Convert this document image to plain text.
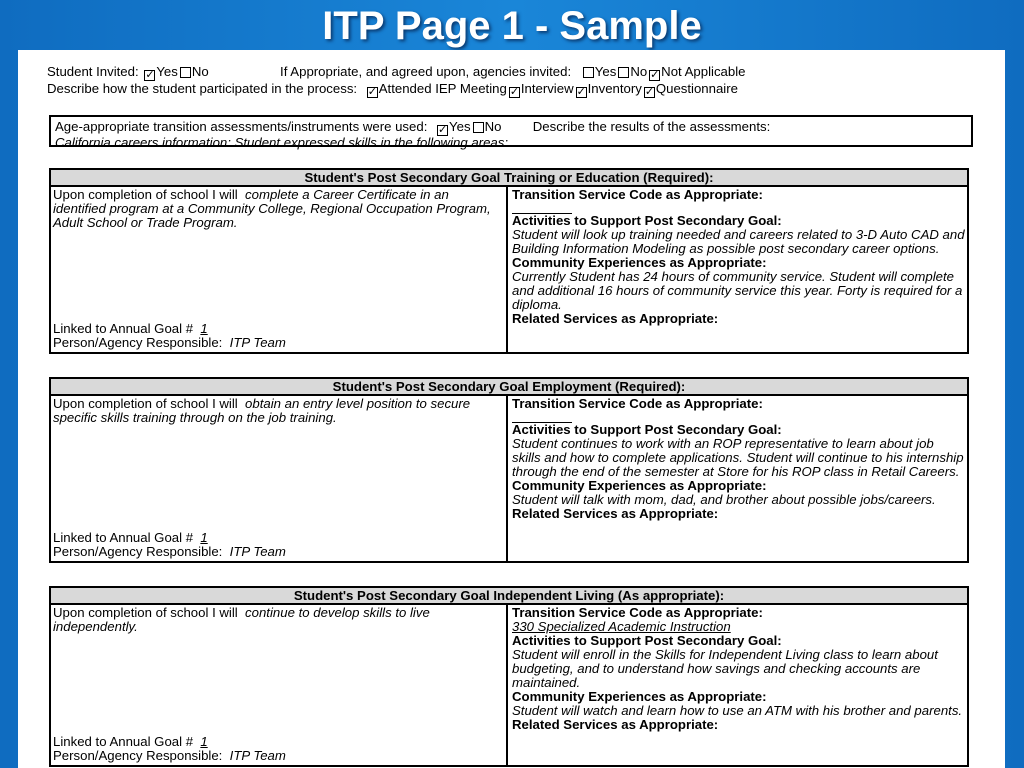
ITP Page 1 - Sample
Student Invited: ✓ Yes No	If Appropriate, and agreed upon, agencies invited: Yes No ✓ Not Applicable
Describe how the student participated in the process: ✓ Attended IEP Meeting ✓ Interview ✓ Inventory ✓ Questionnaire
Age-appropriate transition assessments/instruments were used: ✓ Yes No Describe the results of the assessments:
California careers information: Student expressed skills in the following areas:
Student's Post Secondary Goal Training or Education (Required):
Upon completion of school I will complete a Career Certificate in an identified program at a Community College, Regional Occupation Program, Adult School or Trade Program.
Linked to Annual Goal # 1
Person/Agency Responsible: ITP Team
Transition Service Code as Appropriate:
Activities to Support Post Secondary Goal:
Student will look up training needed and careers related to 3-D Auto CAD and Building Information Modeling as possible post secondary career options.
Community Experiences as Appropriate:
Currently Student has 24 hours of community service. Student will complete and additional 16 hours of community service this year. Forty is required for a diploma.
Related Services as Appropriate:
Student's Post Secondary Goal Employment (Required):
Upon completion of school I will obtain an entry level position to secure specific skills training through on the job training.
Linked to Annual Goal # 1
Person/Agency Responsible: ITP Team
Transition Service Code as Appropriate:
Activities to Support Post Secondary Goal:
Student continues to work with an ROP representative to learn about job skills and how to complete applications. Student will continue to his internship through the end of the semester at Store for his ROP class in Retail Careers.
Community Experiences as Appropriate:
Student will talk with mom, dad, and brother about possible jobs/careers.
Related Services as Appropriate:
Student's Post Secondary Goal Independent Living (As appropriate):
Upon completion of school I will continue to develop skills to live independently.
Linked to Annual Goal # 1
Person/Agency Responsible: ITP Team
Transition Service Code as Appropriate:
330 Specialized Academic Instruction
Activities to Support Post Secondary Goal:
Student will enroll in the Skills for Independent Living class to learn about budgeting, and to understand how savings and checking accounts are maintained.
Community Experiences as Appropriate:
Student will watch and learn how to use an ATM with his brother and parents.
Related Services as Appropriate:
